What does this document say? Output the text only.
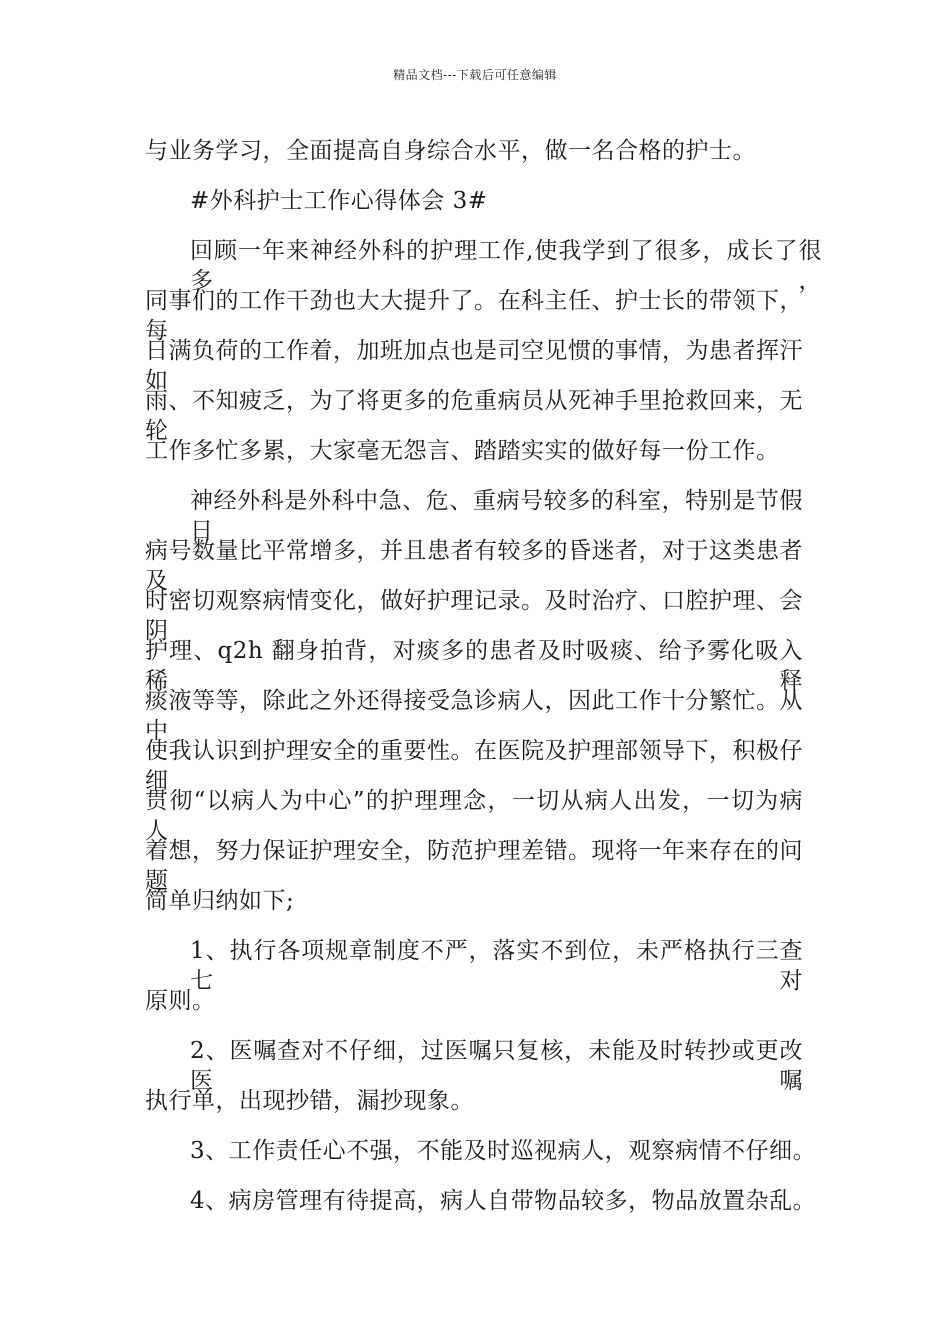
精品文档---下载后可任意编辑
与业务学习，全面提高自身综合水平，做一名合格的护士。
#外科护士工作心得体会 3#
回顾一年来神经外科的护理工作,使我学到了很多，成长了很多，
同事们的工作干劲也大大提升了。在科主任、护士长的带领下，每
日满负荷的工作着，加班加点也是司空见惯的事情，为患者挥汗如
雨、不知疲乏，为了将更多的危重病员从死神手里抢救回来，无轮
工作多忙多累，大家毫无怨言、踏踏实实的做好每一份工作。
神经外科是外科中急、危、重病号较多的科室，特别是节假日
病号数量比平常增多，并且患者有较多的昏迷者，对于这类患者及
时密切观察病情变化，做好护理记录。及时治疗、口腔护理、会阴
护理、q2h 翻身拍背，对痰多的患者及时吸痰、给予雾化吸入稀释
痰液等等，除此之外还得接受急诊病人，因此工作十分繁忙。从中
使我认识到护理安全的重要性。在医院及护理部领导下，积极仔细
贯彻“以病人为中心”的护理理念，一切从病人出发，一切为病人
着想，努力保证护理安全，防范护理差错。现将一年来存在的问题
简单归纳如下;
1、执行各项规章制度不严，落实不到位，未严格执行三查七对
原则。
2、医嘱查对不仔细，过医嘱只复核，未能及时转抄或更改医嘱
执行单，出现抄错，漏抄现象。
3、工作责任心不强，不能及时巡视病人，观察病情不仔细。
4、病房管理有待提高，病人自带物品较多，物品放置杂乱。
